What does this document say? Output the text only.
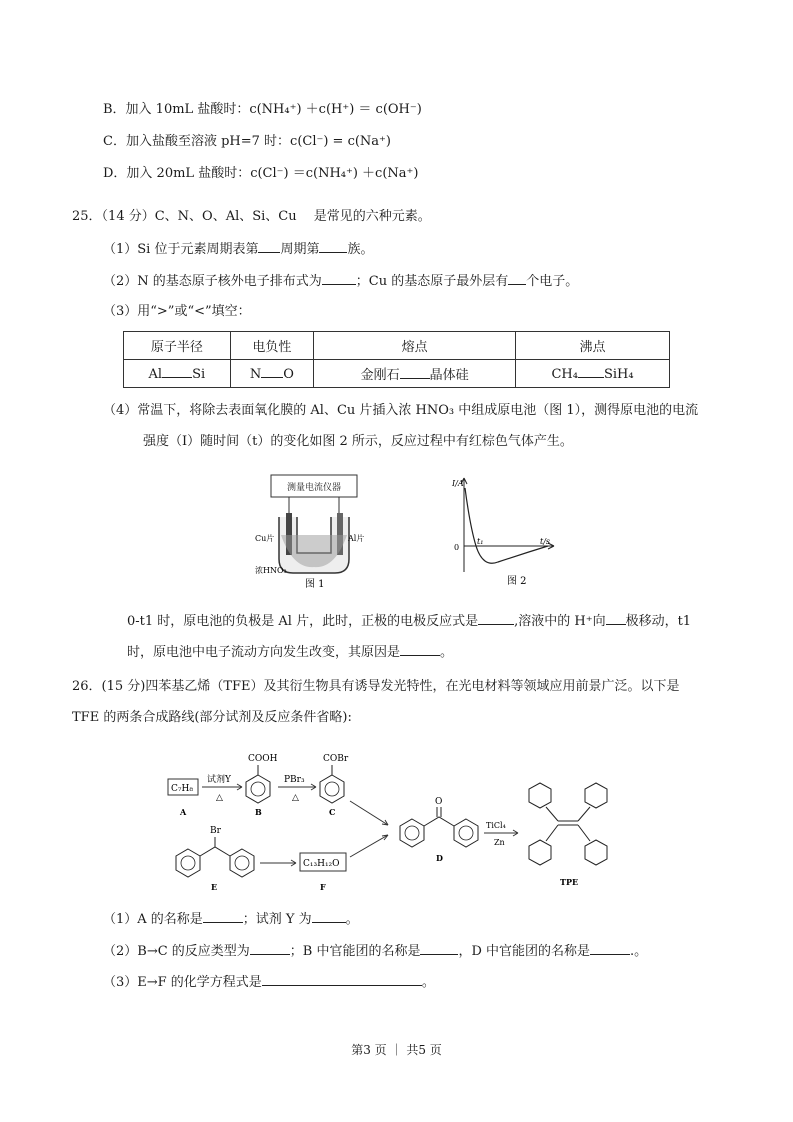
B．加入 10mL 盐酸时：c(NH₄⁺) ＋c(H⁺) ＝ c(OH⁻)
C．加入盐酸至溶液 pH=7 时：c(Cl⁻) = c(Na⁺)
D．加入 20mL 盐酸时：c(Cl⁻) ＝c(NH₄⁺) ＋c(Na⁺)
25．（14 分）C、N、O、Al、Si、Cu　 是常见的六种元素。
（1）Si 位于元素周期表第 周期第 族。
（2）N 的基态原子核外电子排布式为	；Cu 的基态原子最外层有 个电子。
（3）用“>”或“<”填空：
原子半径	电负性	熔点	沸点
Al Si	N O	金刚石 晶体硅	CH₄ SiH₄
（4）常温下，将除去表面氧化膜的 Al、Cu 片插入浓 HNO₃ 中组成原电池（图 1），测得原电池的电流
强度（I）随时间（t）的变化如图 2 所示，反应过程中有红棕色气体产生。
测量电流仪器
Cu片	Al片
浓HNO₃
图 1
I/A
t/s
0
t₁
图 2
0-t1 时，原电池的负极是 Al 片，此时，正极的电极反应式是	,溶液中的 H⁺向 极移动，t1
时，原电池中电子流动方向发生改变，其原因是	。
26．(15 分)四苯基乙烯（TFE）及其衍生物具有诱导发光特性，在光电材料等领域应用前景广泛。以下是
TFE 的两条合成路线(部分试剂及反应条件省略):
C₇H₈
A
试剂Y
△
COOH
B
PBr₃
△
COBr
C
Br
E
C₁₃H₁₂O
F
O
D
TiCl₄
Zn
TPE
（1）A 的名称是	；试剂 Y 为	。
（2）B→C 的反应类型为	；B 中官能团的名称是	，D 中官能团的名称是	.。
（3）E→F 的化学方程式是	。
第3 页 ｜ 共5 页
